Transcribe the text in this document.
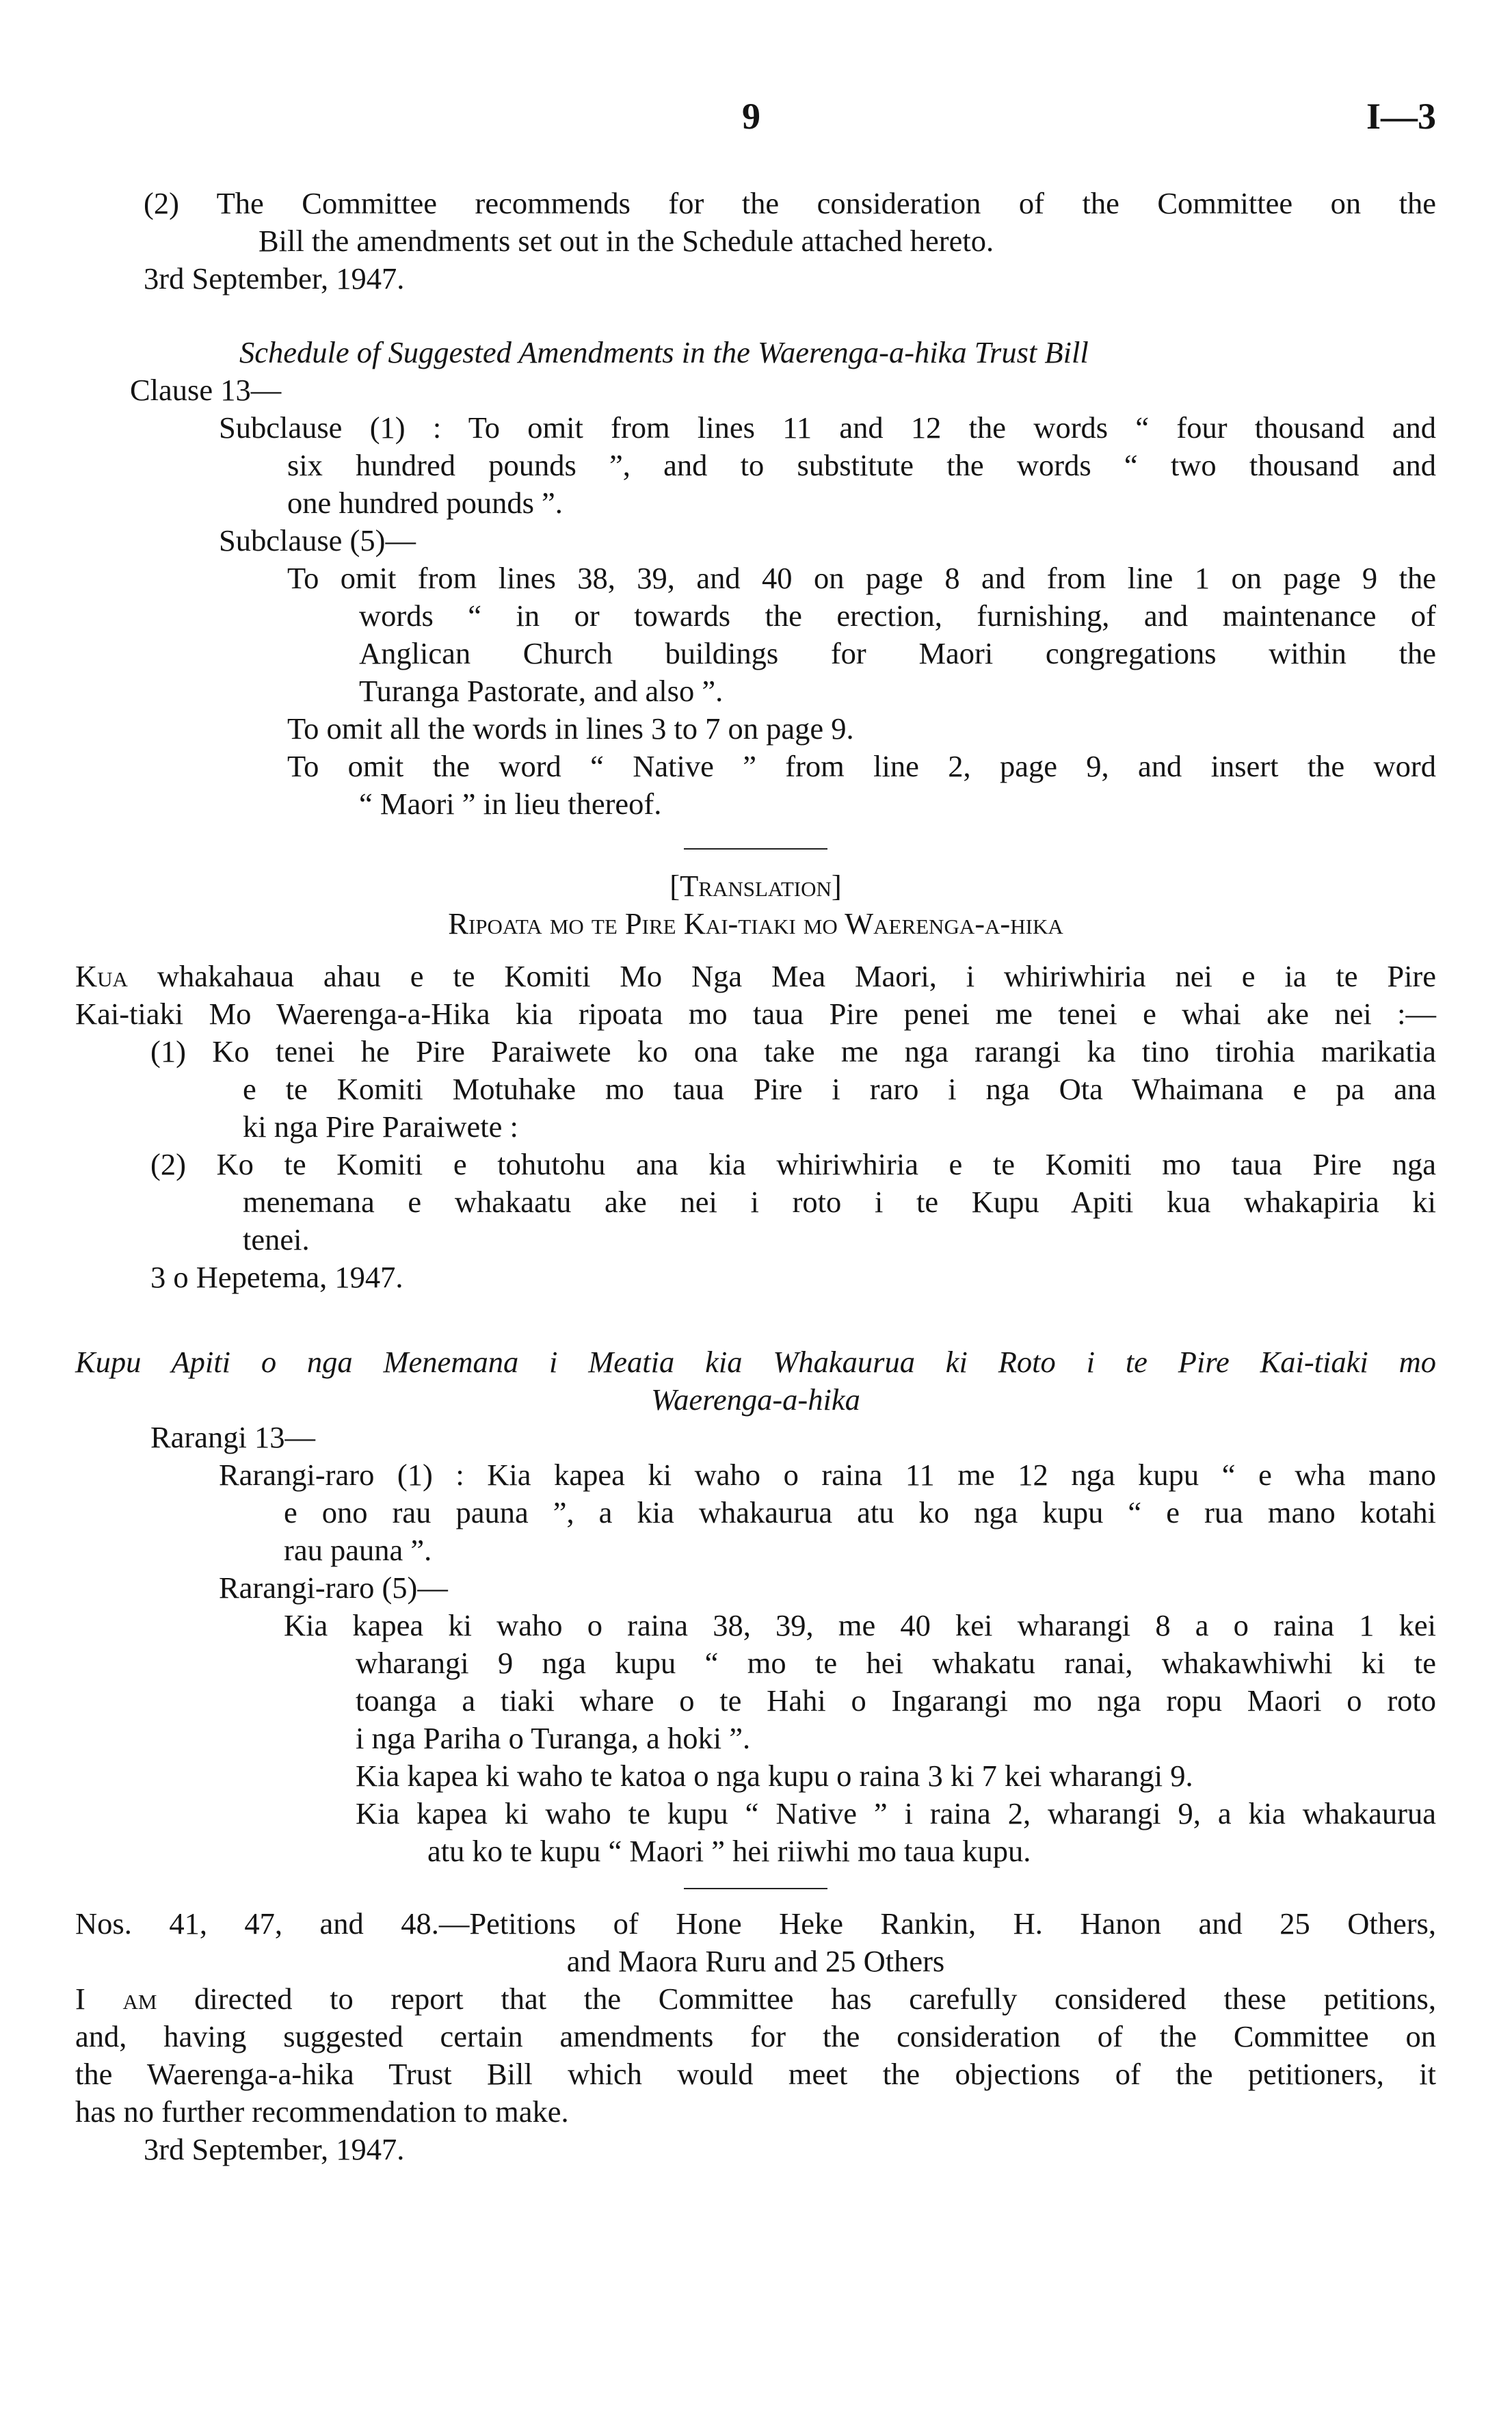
9	I—3
(2) The Committee recommends for the consideration of the Committee on the
Bill the amendments set out in the Schedule attached hereto.
3rd September, 1947.
Schedule of Suggested Amendments in the Waerenga-a-hika Trust Bill
Clause 13—
Subclause (1) : To omit from lines 11 and 12 the words “ four thousand and
six hundred pounds ”, and to substitute the words “ two thousand and
one hundred pounds ”.
Subclause (5)—
To omit from lines 38, 39, and 40 on page 8 and from line 1 on page 9 the
words “ in or towards the erection, furnishing, and maintenance of
Anglican Church buildings for Maori congregations within the
Turanga Pastorate, and also ”.
To omit all the words in lines 3 to 7 on page 9.
To omit the word “ Native ” from line 2, page 9, and insert the word
“ Maori ” in lieu thereof.
[Translation]
Ripoata mo te Pire Kai-tiaki mo Waerenga-a-hika
Kua whakahaua ahau e te Komiti Mo Nga Mea Maori, i whiriwhiria nei e ia te Pire
Kai-tiaki Mo Waerenga-a-Hika kia ripoata mo taua Pire penei me tenei e whai ake nei :—
(1) Ko tenei he Pire Paraiwete ko ona take me nga rarangi ka tino tirohia marikatia
e te Komiti Motuhake mo taua Pire i raro i nga Ota Whaimana e pa ana
ki nga Pire Paraiwete :
(2) Ko te Komiti e tohutohu ana kia whiriwhiria e te Komiti mo taua Pire nga
menemana e whakaatu ake nei i roto i te Kupu Apiti kua whakapiria ki
tenei.
3 o Hepetema, 1947.
Kupu Apiti o nga Menemana i Meatia kia Whakaurua ki Roto i te Pire Kai-tiaki mo
Waerenga-a-hika
Rarangi 13—
Rarangi-raro (1) : Kia kapea ki waho o raina 11 me 12 nga kupu “ e wha mano
e ono rau pauna ”, a kia whakaurua atu ko nga kupu “ e rua mano kotahi
rau pauna ”.
Rarangi-raro (5)—
Kia kapea ki waho o raina 38, 39, me 40 kei wharangi 8 a o raina 1 kei
wharangi 9 nga kupu “ mo te hei whakatu ranai, whakawhiwhi ki te
toanga a tiaki whare o te Hahi o Ingarangi mo nga ropu Maori o roto
i nga Pariha o Turanga, a hoki ”.
Kia kapea ki waho te katoa o nga kupu o raina 3 ki 7 kei wharangi 9.
Kia kapea ki waho te kupu “ Native ” i raina 2, wharangi 9, a kia whakaurua
atu ko te kupu “ Maori ” hei riiwhi mo taua kupu.
Nos. 41, 47, and 48.—Petitions of Hone Heke Rankin, H. Hanon and 25 Others,
and Maora Ruru and 25 Others
I am directed to report that the Committee has carefully considered these petitions,
and, having suggested certain amendments for the consideration of the Committee on
the Waerenga-a-hika Trust Bill which would meet the objections of the petitioners, it
has no further recommendation to make.
3rd September, 1947.
